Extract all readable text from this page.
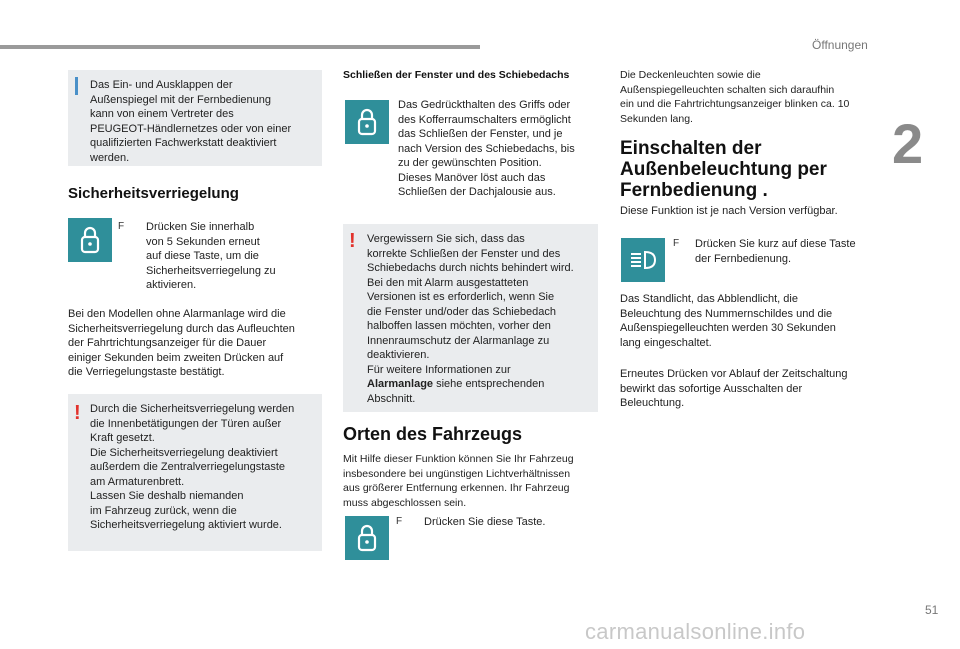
Öffnungen
2
Das Ein- und Ausklappen der
Außenspiegel mit der Fernbedienung
kann von einem Vertreter des
PEUGEOT-Händlernetzes oder von einer
qualifizierten Fachwerkstatt deaktiviert
werden.
Sicherheitsverriegelung
F	Drücken Sie innerhalb
von 5 Sekunden erneut
auf diese Taste, um die
Sicherheitsverriegelung zu
aktivieren.
Bei den Modellen ohne Alarmanlage wird die
Sicherheitsverriegelung durch das Aufleuchten
der Fahrtrichtungsanzeiger für die Dauer
einiger Sekunden beim zweiten Drücken auf
die Verriegelungstaste bestätigt.
! Durch die Sicherheitsverriegelung werden
die Innenbetätigungen der Türen außer
Kraft gesetzt.
Die Sicherheitsverriegelung deaktiviert
außerdem die Zentralverriegelungstaste
am Armaturenbrett.
Lassen Sie deshalb niemanden
im Fahrzeug zurück, wenn die
Sicherheitsverriegelung aktiviert wurde.
Schließen der Fenster und des Schiebedachs
Das Gedrückthalten des Griffs oder
des Kofferraumschalters ermöglicht
das Schließen der Fenster, und je
nach Version des Schiebedachs, bis
zu der gewünschten Position.
Dieses Manöver löst auch das
Schließen der Dachjalousie aus.
! Vergewissern Sie sich, dass das
korrekte Schließen der Fenster und des
Schiebedachs durch nichts behindert wird.
Bei den mit Alarm ausgestatteten
Versionen ist es erforderlich, wenn Sie
die Fenster und/oder das Schiebedach
halboffen lassen möchten, vorher den
Innenraumschutz der Alarmanlage zu
deaktivieren.
Für weitere Informationen zur
Alarmanlage siehe entsprechenden
Abschnitt.
Orten des Fahrzeugs
Mit Hilfe dieser Funktion können Sie Ihr Fahrzeug
insbesondere bei ungünstigen Lichtverhältnissen
aus größerer Entfernung erkennen. Ihr Fahrzeug
muss abgeschlossen sein.
F	Drücken Sie diese Taste.
Die Deckenleuchten sowie die
Außenspiegelleuchten schalten sich daraufhin
ein und die Fahrtrichtungsanzeiger blinken ca. 10
Sekunden lang.
Einschalten der
Außenbeleuchtung per
Fernbedienung .
Diese Funktion ist je nach Version verfügbar.
F	Drücken Sie kurz auf diese Taste
der Fernbedienung.
Das Standlicht, das Abblendlicht, die
Beleuchtung des Nummernschildes und die
Außenspiegelleuchten werden 30 Sekunden
lang eingeschaltet.
Erneutes Drücken vor Ablauf der Zeitschaltung
bewirkt das sofortige Ausschalten der
Beleuchtung.
51
carmanualsonline.info
